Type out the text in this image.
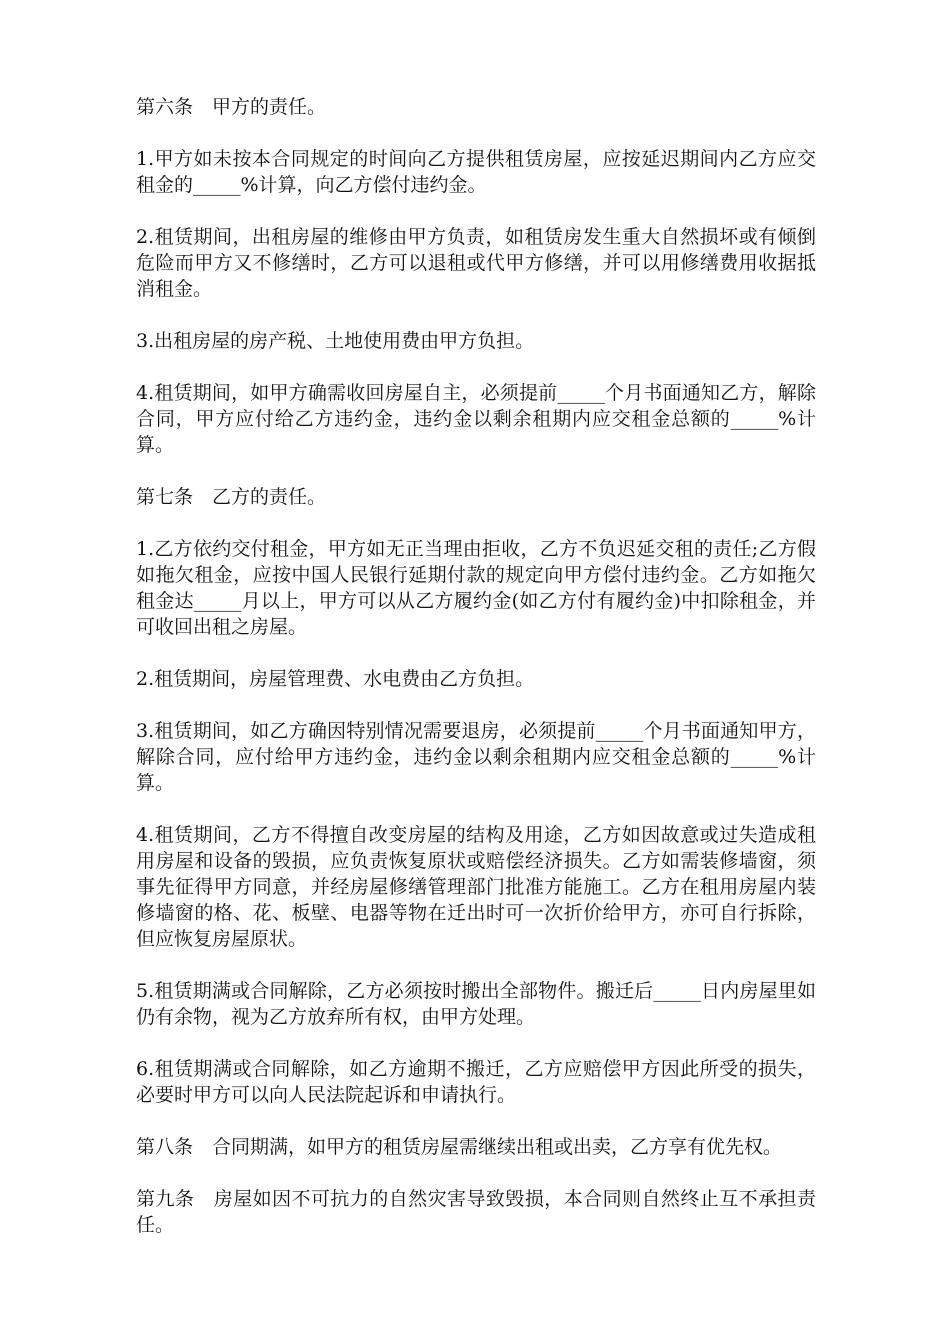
第六条　甲方的责任。

1.甲方如未按本合同规定的时间向乙方提供租赁房屋，应按延迟期间内乙方应交租金的_____%计算，向乙方偿付违约金。

2.租赁期间，出租房屋的维修由甲方负责，如租赁房发生重大自然损坏或有倾倒危险而甲方又不修缮时，乙方可以退租或代甲方修缮，并可以用修缮费用收据抵消租金。

3.出租房屋的房产税、土地使用费由甲方负担。

4.租赁期间，如甲方确需收回房屋自主，必须提前_____个月书面通知乙方，解除合同，甲方应付给乙方违约金，违约金以剩余租期内应交租金总额的_____%计算。

第七条　乙方的责任。

1.乙方依约交付租金，甲方如无正当理由拒收，乙方不负迟延交租的责任;乙方假如拖欠租金，应按中国人民银行延期付款的规定向甲方偿付违约金。乙方如拖欠租金达_____月以上，甲方可以从乙方履约金(如乙方付有履约金)中扣除租金，并可收回出租之房屋。

2.租赁期间，房屋管理费、水电费由乙方负担。

3.租赁期间，如乙方确因特别情况需要退房，必须提前_____个月书面通知甲方，解除合同，应付给甲方违约金，违约金以剩余租期内应交租金总额的_____%计算。

4.租赁期间，乙方不得擅自改变房屋的结构及用途，乙方如因故意或过失造成租用房屋和设备的毁损，应负责恢复原状或赔偿经济损失。乙方如需装修墙窗，须事先征得甲方同意，并经房屋修缮管理部门批准方能施工。乙方在租用房屋内装修墙窗的格、花、板壁、电器等物在迁出时可一次折价给甲方，亦可自行拆除，但应恢复房屋原状。

5.租赁期满或合同解除，乙方必须按时搬出全部物件。搬迁后_____日内房屋里如仍有余物，视为乙方放弃所有权，由甲方处理。

6.租赁期满或合同解除，如乙方逾期不搬迁，乙方应赔偿甲方因此所受的损失，必要时甲方可以向人民法院起诉和申请执行。

第八条　合同期满，如甲方的租赁房屋需继续出租或出卖，乙方享有优先权。

第九条　房屋如因不可抗力的自然灾害导致毁损，本合同则自然终止互不承担责任。
